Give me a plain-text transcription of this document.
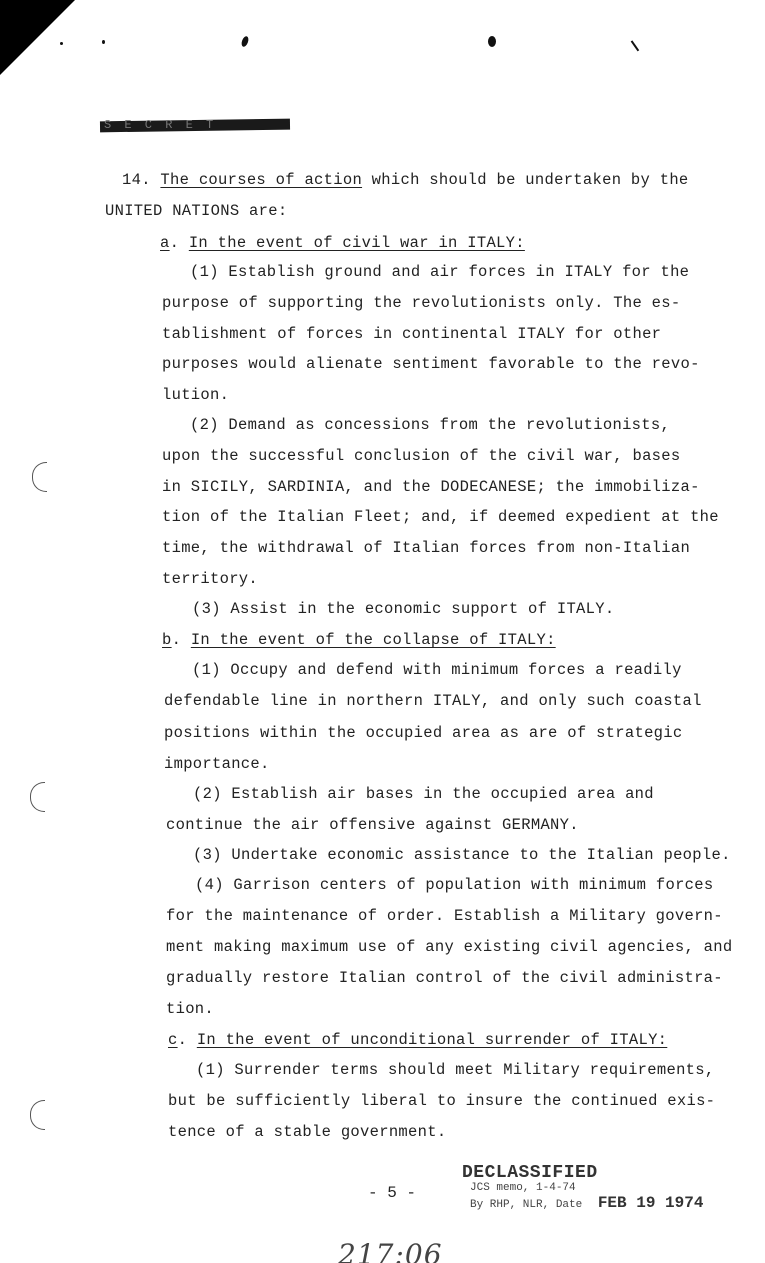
S E C R E T
14. The courses of action which should be undertaken by the
UNITED NATIONS are:
a. In the event of civil war in ITALY:
(1) Establish ground and air forces in ITALY for the
purpose of supporting the revolutionists only. The es-
tablishment of forces in continental ITALY for other
purposes would alienate sentiment favorable to the revo-
lution.
(2) Demand as concessions from the revolutionists,
upon the successful conclusion of the civil war, bases
in SICILY, SARDINIA, and the DODECANESE; the immobiliza-
tion of the Italian Fleet; and, if deemed expedient at the
time, the withdrawal of Italian forces from non-Italian
territory.
(3) Assist in the economic support of ITALY.
b. In the event of the collapse of ITALY:
(1) Occupy and defend with minimum forces a readily
defendable line in northern ITALY, and only such coastal
positions within the occupied area as are of strategic
importance.
(2) Establish air bases in the occupied area and
continue the air offensive against GERMANY.
(3) Undertake economic assistance to the Italian people.
(4) Garrison centers of population with minimum forces
for the maintenance of order. Establish a Military govern-
ment making maximum use of any existing civil agencies, and
gradually restore Italian control of the civil administra-
tion.
c. In the event of unconditional surrender of ITALY:
(1) Surrender terms should meet Military requirements,
but be sufficiently liberal to insure the continued exis-
tence of a stable government.
- 5 -
DECLASSIFIED
JCS memo, 1-4-74
By RHP, NLR, Date FEB 19 1974
217:06
